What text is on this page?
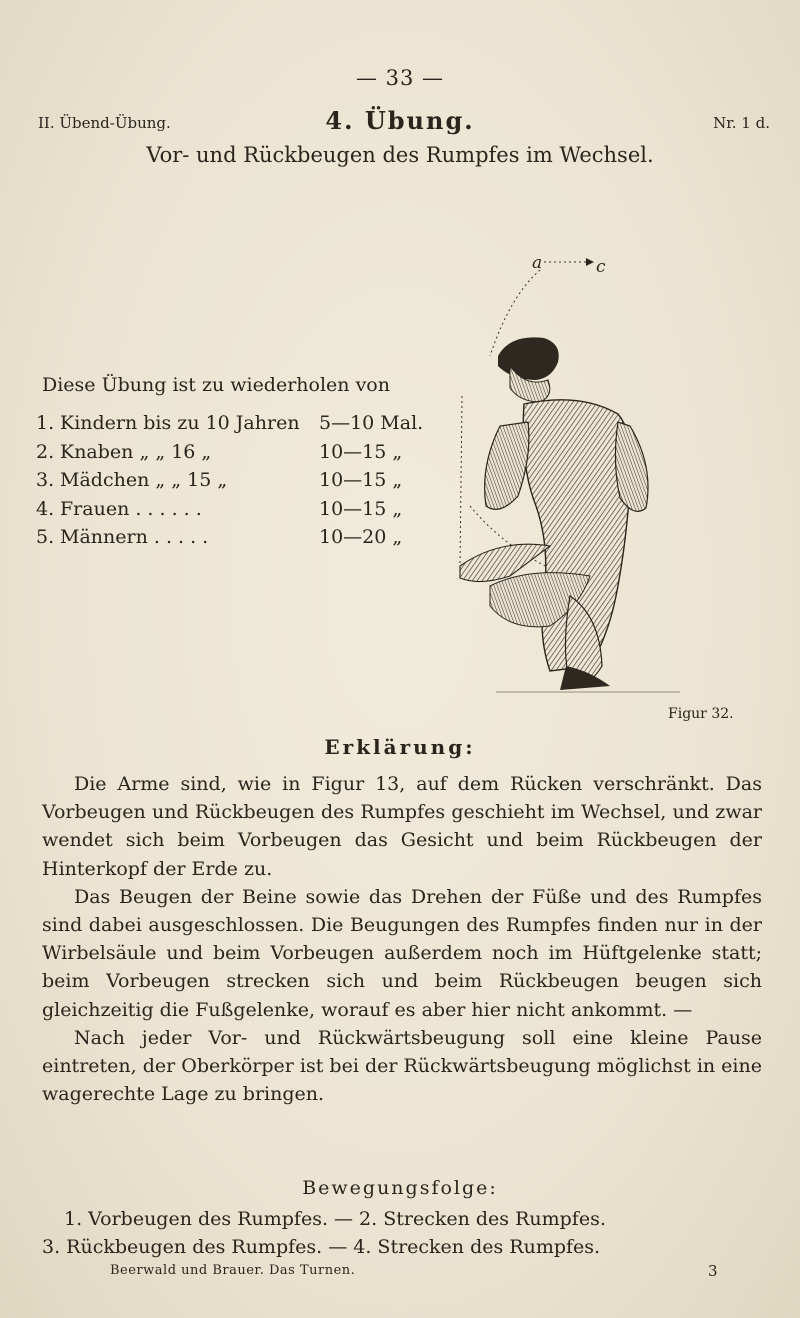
— 33 —
II. Übend-Übung.	4. Übung.	Nr. 1 d.
Vor- und Rückbeugen des Rumpfes im Wechsel.
Diese Übung ist zu wiederholen von
1. Kindern bis zu 10 Jahren 5—10 Mal.
2. Knaben „ „ 16 „	10—15 „
3. Mädchen „ „ 15 „	10—15 „
4. Frauen . . . . . .	10—15 „
5. Männern . . . . .	10—20 „
a	c
Figur 32.
Erklärung:

Die Arme sind, wie in Figur 13, auf dem Rücken verschränkt. Das Vorbeugen und Rückbeugen des Rumpfes geschieht im Wechsel, und zwar wendet sich beim Vorbeugen das Gesicht und beim Rückbeugen der Hinterkopf der Erde zu.

Das Beugen der Beine sowie das Drehen der Füße und des Rumpfes sind dabei ausgeschlossen. Die Beugungen des Rumpfes finden nur in der Wirbelsäule und beim Vorbeugen außerdem noch im Hüftgelenke statt; beim Vorbeugen strecken sich und beim Rückbeugen beugen sich gleichzeitig die Fußgelenke, worauf es aber hier nicht ankommt. —

Nach jeder Vor- und Rückwärtsbeugung soll eine kleine Pause eintreten, der Oberkörper ist bei der Rückwärtsbeugung möglichst in eine wagerechte Lage zu bringen.

Bewegungsfolge:

1. Vorbeugen des Rumpfes. — 2. Strecken des Rumpfes.

3. Rückbeugen des Rumpfes. — 4. Strecken des Rumpfes.

Beerwald und Brauer. Das Turnen.	3
